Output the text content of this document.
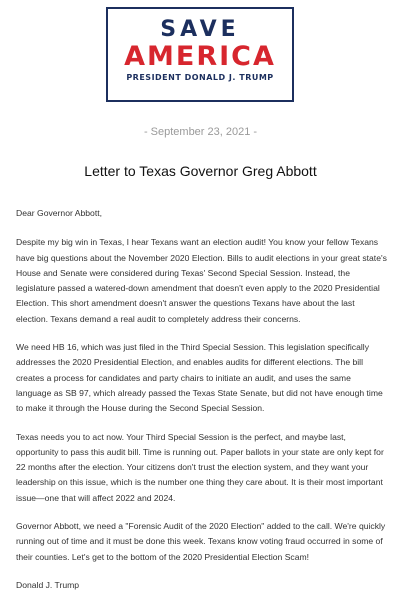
SAVE
AMERICA
PRESIDENT DONALD J. TRUMP
- September 23, 2021 -
Letter to Texas Governor Greg Abbott

Dear Governor Abbott,

Despite my big win in Texas, I hear Texans want an election audit! You know your fellow Texans have big questions about the November 2020 Election. Bills to audit elections in your great state's House and Senate were considered during Texas' Second Special Session. Instead, the legislature passed a watered-down amendment that doesn't even apply to the 2020 Presidential Election. This short amendment doesn't answer the questions Texans have about the last election. Texans demand a real audit to completely address their concerns.

We need HB 16, which was just filed in the Third Special Session. This legislation specifically addresses the 2020 Presidential Election, and enables audits for different elections. The bill creates a process for candidates and party chairs to initiate an audit, and uses the same language as SB 97, which already passed the Texas State Senate, but did not have enough time to make it through the House during the Second Special Session.

Texas needs you to act now. Your Third Special Session is the perfect, and maybe last, opportunity to pass this audit bill. Time is running out. Paper ballots in your state are only kept for 22 months after the election. Your citizens don't trust the election system, and they want your leadership on this issue, which is the number one thing they care about. It is their most important issue—one that will affect 2022 and 2024.

Governor Abbott, we need a "Forensic Audit of the 2020 Election" added to the call. We're quickly running out of time and it must be done this week. Texans know voting fraud occurred in some of their counties. Let's get to the bottom of the 2020 Presidential Election Scam!

Donald J. Trump
